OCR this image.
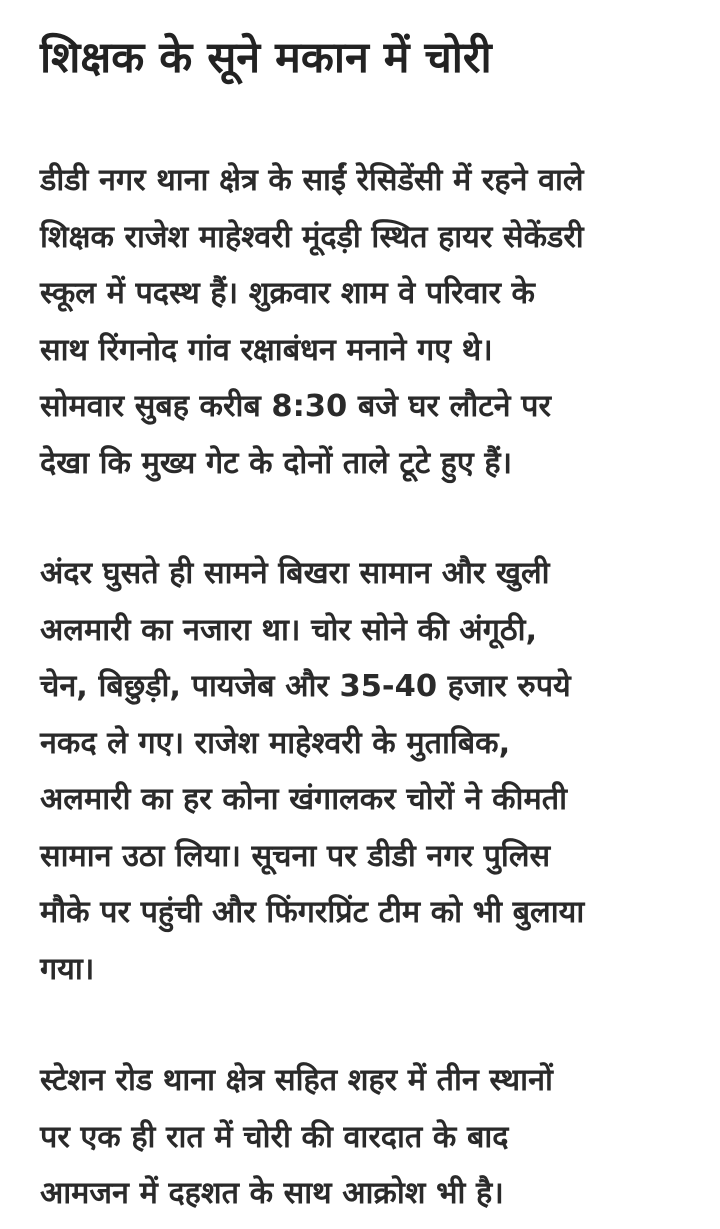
शिक्षक के सूने मकान में चोरी

डीडी नगर थाना क्षेत्र के साईं रेसिडेंसी में रहने वाले
शिक्षक राजेश माहेश्वरी मूंदड़ी स्थित हायर सेकेंडरी
स्कूल में पदस्थ हैं। शुक्रवार शाम वे परिवार के
साथ रिंगनोद गांव रक्षाबंधन मनाने गए थे।
सोमवार सुबह करीब 8:30 बजे घर लौटने पर
देखा कि मुख्य गेट के दोनों ताले टूटे हुए हैं।

अंदर घुसते ही सामने बिखरा सामान और खुली
अलमारी का नजारा था। चोर सोने की अंगूठी,
चेन, बिछुड़ी, पायजेब और 35-40 हजार रुपये
नकद ले गए। राजेश माहेश्वरी के मुताबिक,
अलमारी का हर कोना खंगालकर चोरों ने कीमती
सामान उठा लिया। सूचना पर डीडी नगर पुलिस
मौके पर पहुंची और फिंगरप्रिंट टीम को भी बुलाया
गया।

स्टेशन रोड थाना क्षेत्र सहित शहर में तीन स्थानों
पर एक ही रात में चोरी की वारदात के बाद
आमजन में दहशत के साथ आक्रोश भी है।
